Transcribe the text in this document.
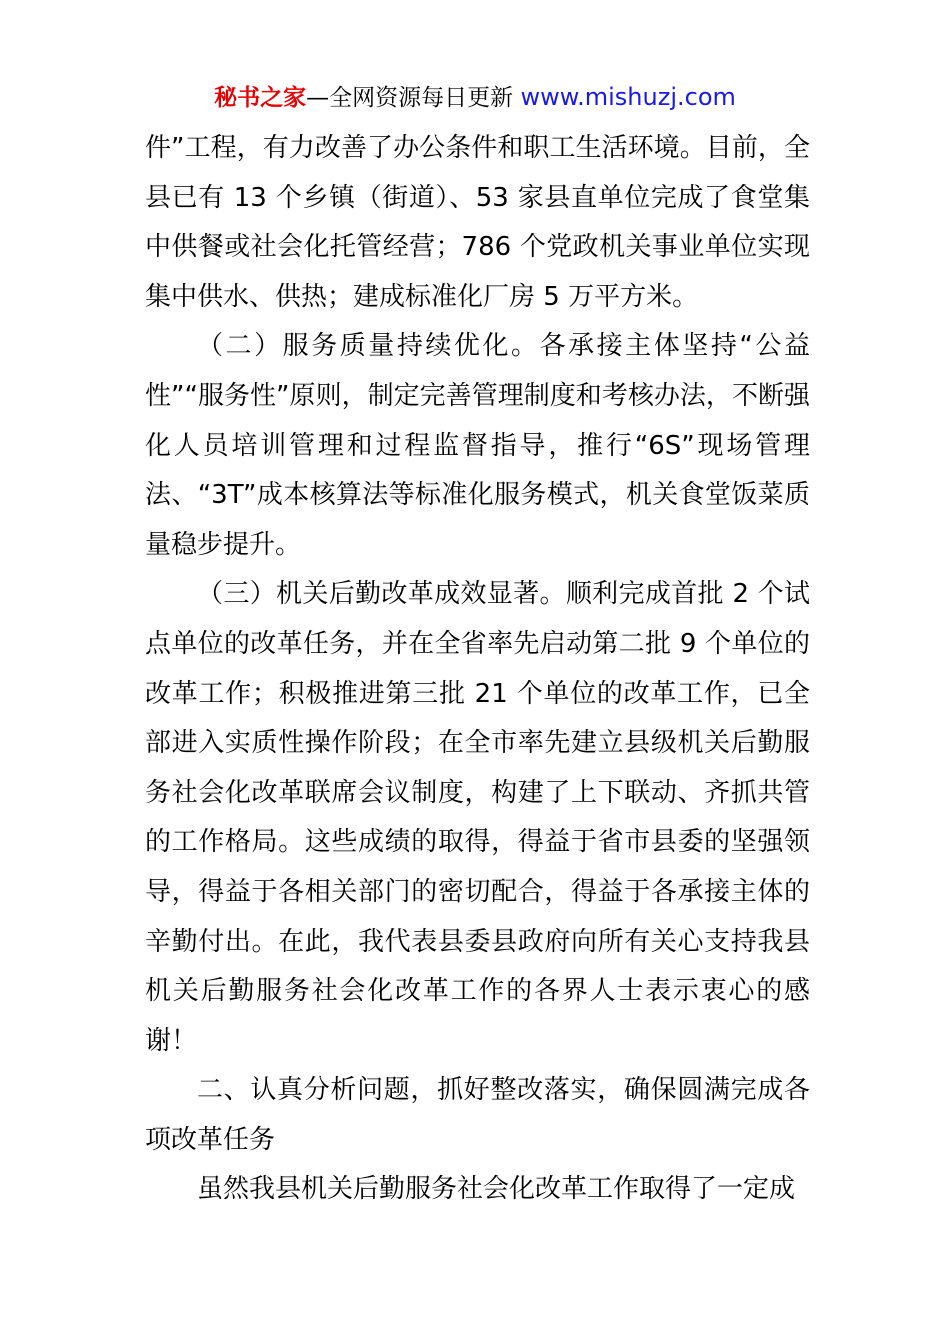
秘书之家—全网资源每日更新 www.mishuzj.com

件”工程，有力改善了办公条件和职工生活环境。目前，全县已有 13 个乡镇（街道）、53 家县直单位完成了食堂集中供餐或社会化托管经营；786 个党政机关事业单位实现集中供水、供热；建成标准化厂房 5 万平方米。

（二）服务质量持续优化。各承接主体坚持“公益性”“服务性”原则，制定完善管理制度和考核办法，不断强化人员培训管理和过程监督指导，推行“6S”现场管理法、“3T”成本核算法等标准化服务模式，机关食堂饭菜质量稳步提升。

（三）机关后勤改革成效显著。顺利完成首批 2 个试点单位的改革任务，并在全省率先启动第二批 9 个单位的改革工作；积极推进第三批 21 个单位的改革工作，已全部进入实质性操作阶段；在全市率先建立县级机关后勤服务社会化改革联席会议制度，构建了上下联动、齐抓共管的工作格局。这些成绩的取得，得益于省市县委的坚强领导，得益于各相关部门的密切配合，得益于各承接主体的辛勤付出。在此，我代表县委县政府向所有关心支持我县机关后勤服务社会化改革工作的各界人士表示衷心的感谢！

二、认真分析问题，抓好整改落实，确保圆满完成各项改革任务

虽然我县机关后勤服务社会化改革工作取得了一定成
